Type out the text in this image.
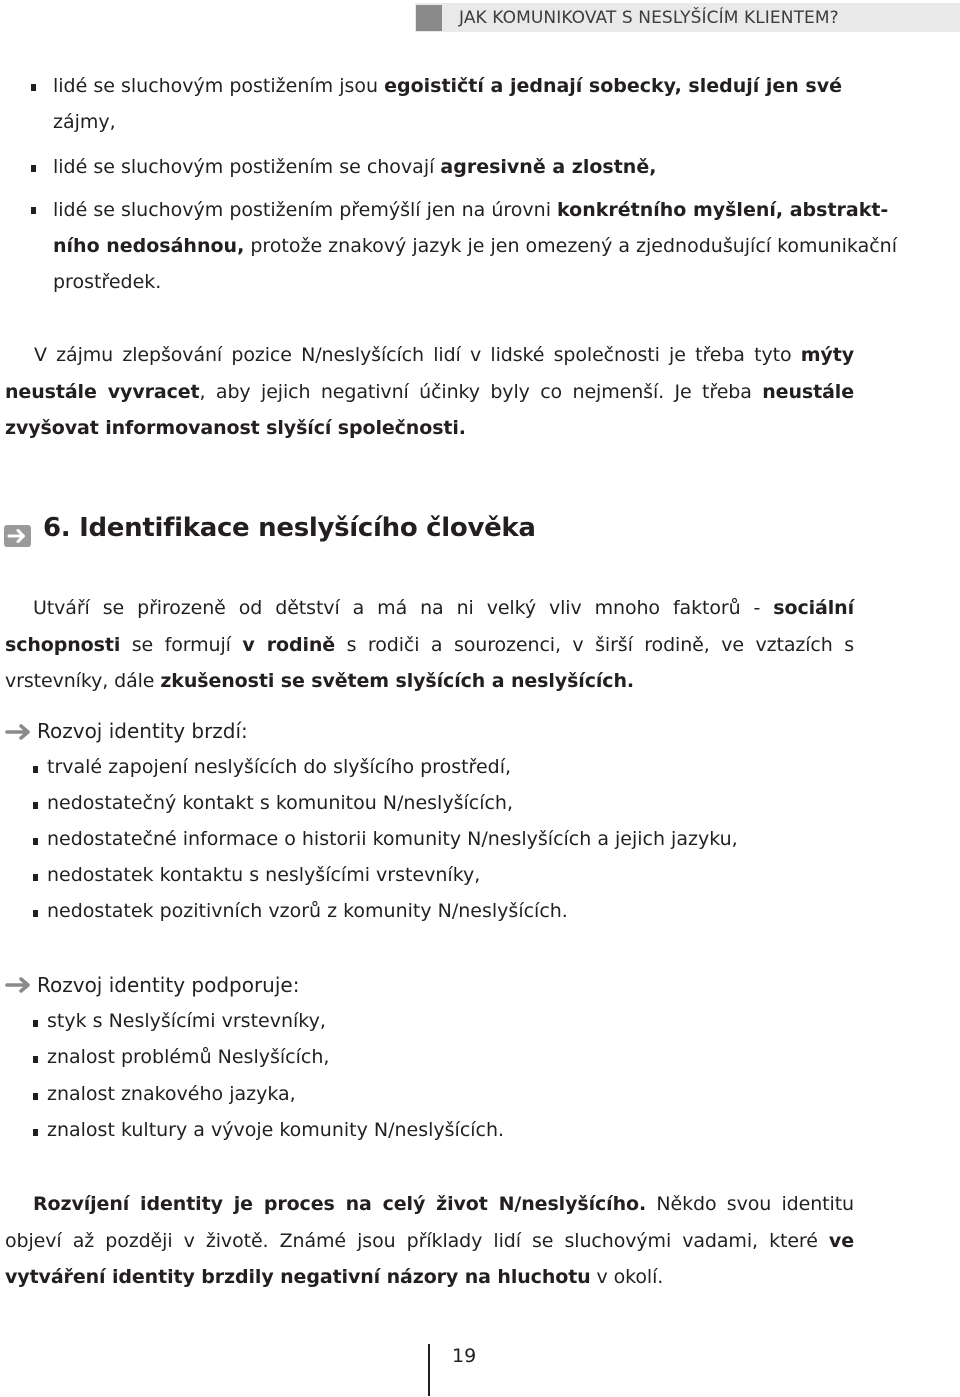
JAK KOMUNIKOVAT S NESLYŠÍCÍM KLIENTEM?
lidé se sluchovým postižením jsou egoističtí a jednají sobecky, sledují jen své
zájmy,
lidé se sluchovým postižením se chovají agresivně a zlostně,
lidé se sluchovým postižením přemýšlí jen na úrovni konkrétního myšlení, abstrakt-
ního nedosáhnou, protože znakový jazyk je jen omezený a zjednodušující komunikační
prostředek.
V zájmu zlepšování pozice N/neslyšících lidí v lidské společnosti je třeba tyto mýty neustále vyvracet, aby jejich negativní účinky byly co nejmenší. Je třeba neustále zvyšovat informovanost slyšící společnosti.
6. Identifikace neslyšícího člověka
Utváří se přirozeně od dětství a má na ni velký vliv mnoho faktorů - sociální schopnosti se formují v rodině s rodiči a sourozenci, v širší rodině, ve vztazích s vrstevníky, dále zkušenosti se světem slyšících a neslyšících.
Rozvoj identity brzdí:
trvalé zapojení neslyšících do slyšícího prostředí,
nedostatečný kontakt s komunitou N/neslyšících,
nedostatečné informace o historii komunity N/neslyšících a jejich jazyku,
nedostatek kontaktu s neslyšícími vrstevníky,
nedostatek pozitivních vzorů z komunity N/neslyšících.
Rozvoj identity podporuje:
styk s Neslyšícími vrstevníky,
znalost problémů Neslyšících,
znalost znakového jazyka,
znalost kultury a vývoje komunity N/neslyšících.
Rozvíjení identity je proces na celý život N/neslyšícího. Někdo svou identitu objeví až později v životě. Známé jsou příklady lidí se sluchovými vadami, které ve vytváření identity brzdily negativní názory na hluchotu v okolí.
19
